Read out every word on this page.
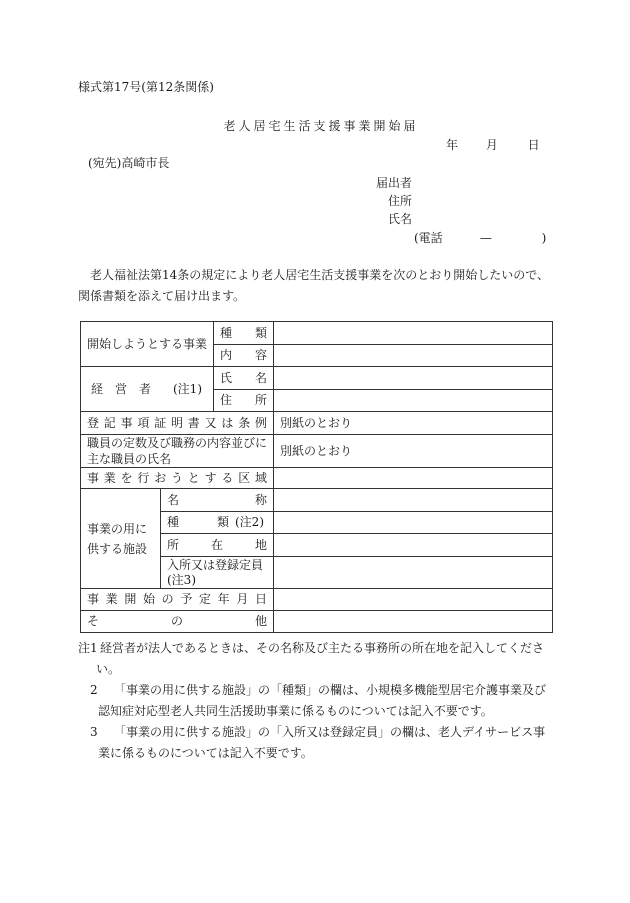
様式第17号(第12条関係)
老人居宅生活支援事業開始届
年 月 日
(宛先)高崎市長
届出者
住所
氏名
(電話	—	)
老人福祉法第14条の規定により老人居宅生活支援事業を次のとおり開始したいので、関係書類を添えて届け出ます。
開始しようとする事業		種　類	
		内　容	
経　営　者 (注1)		氏　名	
		住　所	
登記事項証明書又は条例			別紙のとおり
職員の定数及び職務の内容並びに主な職員の氏名			別紙のとおり
事業を行おうとする区域			
事業の用に供する施設	名　称		
	種　類 (注2)		
	所　在　地		
	入所又は登録定員(注3)		
事業開始の予定年月日			
その他			
注1 経営者が法人であるときは、その名称及び主たる事務所の所在地を記入してください。
2	「事業の用に供する施設」の「種類」の欄は、小規模多機能型居宅介護事業及び認知症対応型老人共同生活援助事業に係るものについては記入不要です。
3	「事業の用に供する施設」の「入所又は登録定員」の欄は、老人デイサービス事業に係るものについては記入不要です。
